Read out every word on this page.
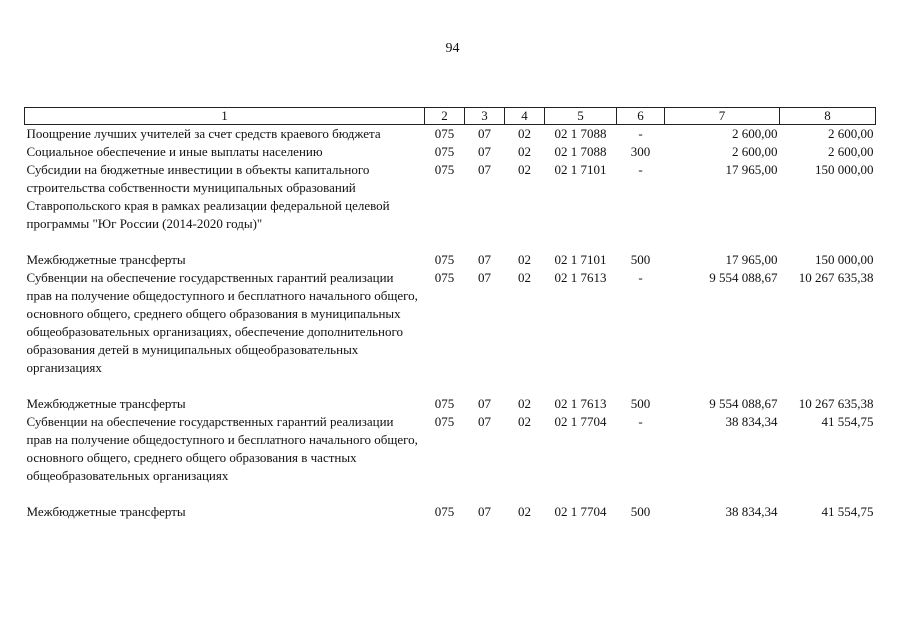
94
1	2	3	4	5	6	7	8
Поощрение лучших учителей за счет средств краевого бюджета	075	07	02	02 1 7088	-	2 600,00	2 600,00
Социальное обеспечение и иные выплаты населению	075	07	02	02 1 7088	300	2 600,00	2 600,00
Субсидии на бюджетные инвестиции в объекты капитального строительства собственности муниципальных образований Ставропольского края в рамках реализации федеральной целевой программы "Юг России (2014-2020 годы)"	075	07	02	02 1 7101	-	17 965,00	150 000,00

Межбюджетные трансферты	075	07	02	02 1 7101	500	17 965,00	150 000,00
Субвенции на обеспечение государственных гарантий реализации прав на получение общедоступного и бесплатного начального общего, основного общего, среднего общего образования в муниципальных общеобразовательных организациях, обеспечение дополнительного образования детей в муниципальных общеобразовательных организациях	075	07	02	02 1 7613	-	9 554 088,67	10 267 635,38

Межбюджетные трансферты	075	07	02	02 1 7613	500	9 554 088,67	10 267 635,38
Субвенции на обеспечение государственных гарантий реализации прав на получение общедоступного и бесплатного начального общего, основного общего, среднего общего образования в частных общеобразовательных организациях	075	07	02	02 1 7704	-	38 834,34	41 554,75

Межбюджетные трансферты	075	07	02	02 1 7704	500	38 834,34	41 554,75
